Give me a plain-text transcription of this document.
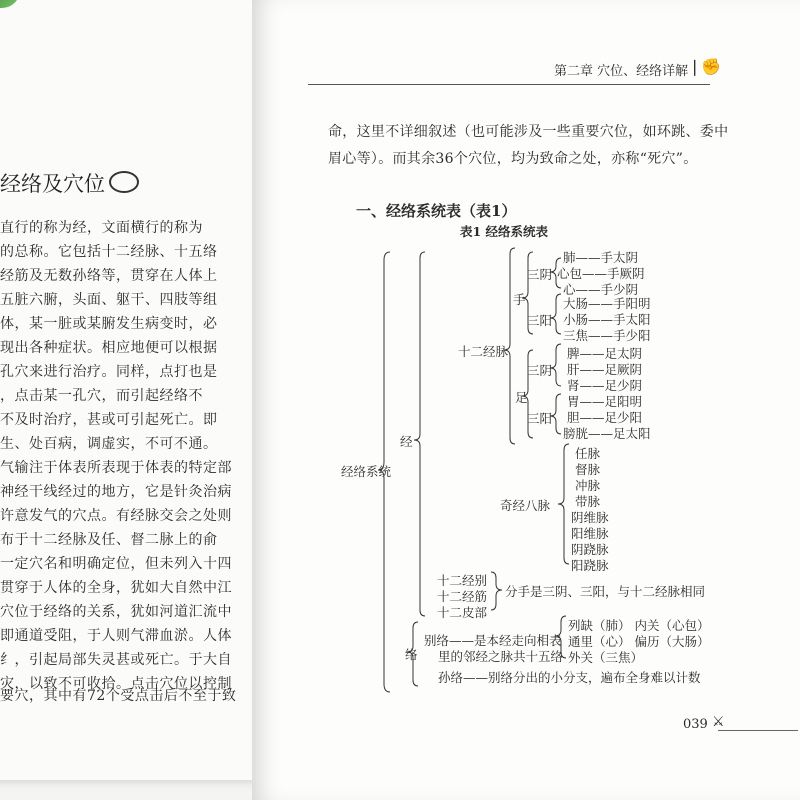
经络及穴位
直行的称为经，文面横行的称为
的总称。它包括十二经脉、十五络
经筋及无数孙络等，贯穿在人体上
五脏六腑，头面、躯干、四肢等组
体，某一脏或某腑发生病变时，必
现出各种症状。相应地便可以根据
孔穴来进行治疗。同样，点打也是
，点击某一孔穴，而引起经络不
不及时治疗，甚或可引起死亡。即
生、处百病，调虚实，不可不通。
气输注于体表所表现于体表的特定部
神经干线经过的地方，它是针灸治病
许意发气的穴点。有经脉交会之处则
布于十二经脉及任、督二脉上的俞
一定穴名和明确定位，但未列入十四
贯穿于人体的全身，犹如大自然中江
穴位于经络的关系，犹如河道汇流中
即通道受阻，于人则气滞血淤。人体
纟，引起局部失灵甚或死亡。于大自
灾，以致不可收拾。点击穴位以控制
要穴，其中有72个受点击后不至于致
第二章 穴位、经络详解 ❘✊
命，这里不详细叙述（也可能涉及一些重要穴位，如环跳、委中
眉心等）。而其余36个穴位，均为致命之处，亦称“死穴”。
一、经络系统表（表1）
表1 经络系统表
经络系统
经
十二经脉
手
足
三阴
三阳
三阴
三阳
肺——手太阴
心包——手厥阴
心——手少阴
大肠——手阳明
小肠——手太阳
三焦——手少阳
脾——足太阴
肝——足厥阴
肾——足少阴
胃——足阳明
胆——足少阳
膀胱——足太阳
奇经八脉
任脉
督脉
冲脉
带脉
阴维脉
阳维脉
阴跷脉
阳跷脉
十二经别
十二经筋
十二皮部
分手是三阴、三阳，与十二经脉相同
络
别络——是本经走向相表
里的邻经之脉共十五络
列缺（肺） 内关（心包）
通里（心） 偏历（大肠）
外关（三焦）
孙络——别络分出的小分支，遍布全身难以计数
039 ⚔
